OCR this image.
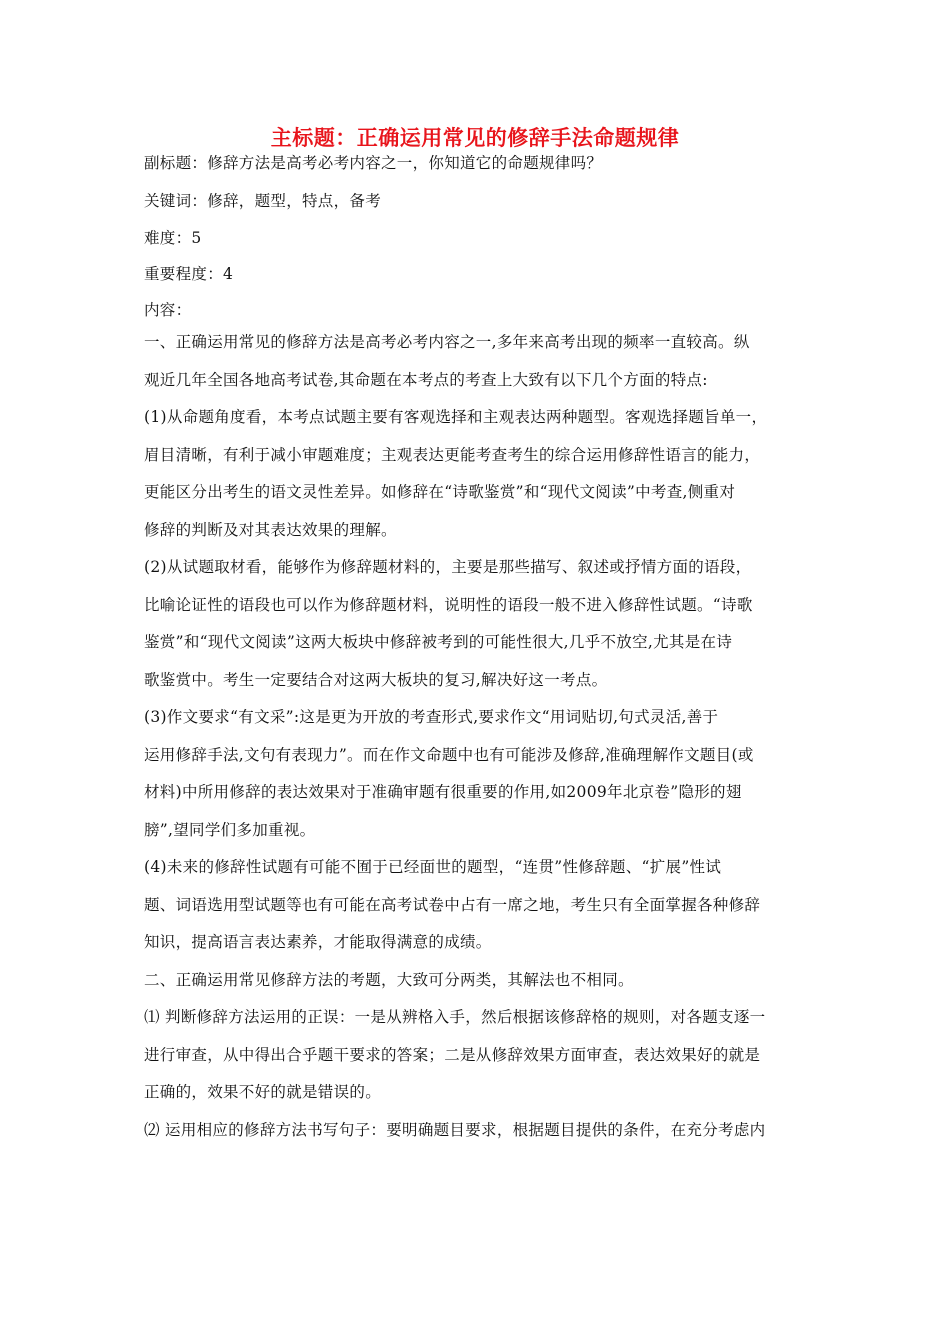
主标题：正确运用常见的修辞手法命题规律
副标题：修辞方法是高考必考内容之一，你知道它的命题规律吗？
关键词：修辞，题型，特点，备考
难度：5
重要程度：4
内容：
一、正确运用常见的修辞方法是高考必考内容之一,多年来高考出现的频率一直较高。纵
观近几年全国各地高考试卷,其命题在本考点的考查上大致有以下几个方面的特点:
(1)从命题角度看，本考点试题主要有客观选择和主观表达两种题型。客观选择题旨单一，
眉目清晰，有利于减小审题难度；主观表达更能考查考生的综合运用修辞性语言的能力，
更能区分出考生的语文灵性差异。如修辞在“诗歌鉴赏”和“现代文阅读”中考查,侧重对
修辞的判断及对其表达效果的理解。
(2)从试题取材看，能够作为修辞题材料的，主要是那些描写、叙述或抒情方面的语段，
比喻论证性的语段也可以作为修辞题材料，说明性的语段一般不进入修辞性试题。“诗歌
鉴赏”和“现代文阅读”这两大板块中修辞被考到的可能性很大,几乎不放空,尤其是在诗
歌鉴赏中。考生一定要结合对这两大板块的复习,解决好这一考点。
(3)作文要求“有文采”:这是更为开放的考查形式,要求作文“用词贴切,句式灵活,善于
运用修辞手法,文句有表现力”。而在作文命题中也有可能涉及修辞,准确理解作文题目(或
材料)中所用修辞的表达效果对于准确审题有很重要的作用,如2009年北京卷”隐形的翅
膀”,望同学们多加重视。
(4)未来的修辞性试题有可能不囿于已经面世的题型，“连贯”性修辞题、“扩展”性试
题、词语选用型试题等也有可能在高考试卷中占有一席之地，考生只有全面掌握各种修辞
知识，提高语言表达素养，才能取得满意的成绩。
二、正确运用常见修辞方法的考题，大致可分两类，其解法也不相同。
⑴ 判断修辞方法运用的正误：一是从辨格入手，然后根据该修辞格的规则，对各题支逐一
进行审查，从中得出合乎题干要求的答案；二是从修辞效果方面审查，表达效果好的就是
正确的，效果不好的就是错误的。
⑵ 运用相应的修辞方法书写句子：要明确题目要求，根据题目提供的条件，在充分考虑内
